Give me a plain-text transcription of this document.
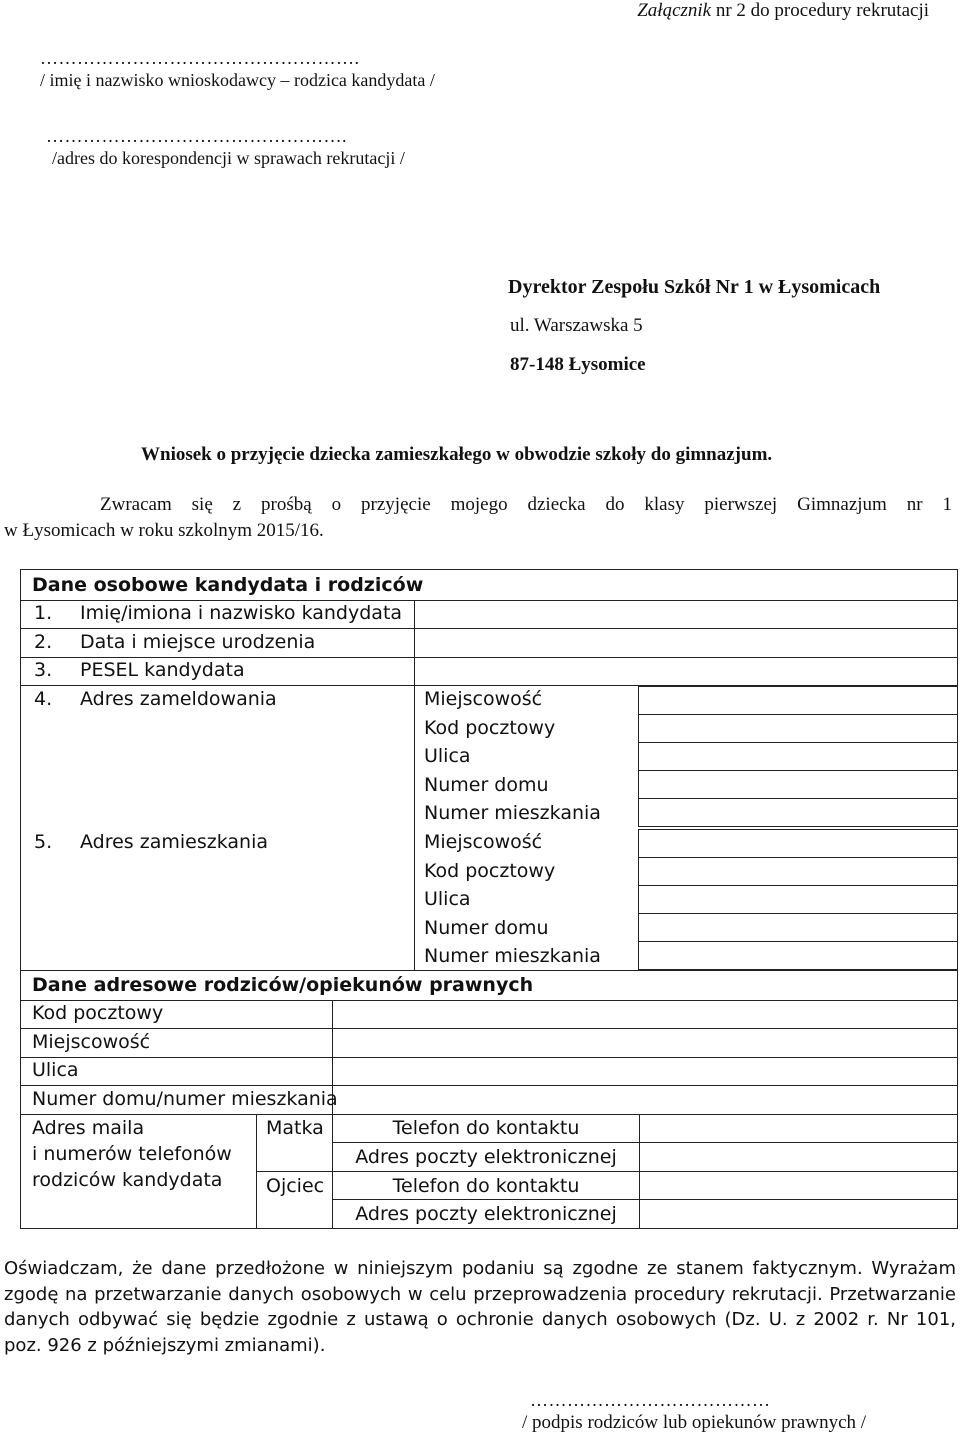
Załącznik nr 2 do procedury rekrutacji
…………………………………………….
/ imię i nazwisko wnioskodawcy – rodzica kandydata /
………………………………………….
/adres do korespondencji w sprawach rekrutacji /
Dyrektor Zespołu Szkół Nr 1 w Łysomicach
ul. Warszawska 5
87-148 Łysomice
Wniosek o przyjęcie dziecka zamieszkałego w obwodzie szkoły do gimnazjum.
Zwracam się z prośbą o przyjęcie mojego dziecka do klasy pierwszej Gimnazjum nr 1
w Łysomicach w roku szkolnym 2015/16.
Dane osobowe kandydata i rodziców
1. Imię/imiona i nazwisko kandydata
2. Data i miejsce urodzenia
3. PESEL kandydata
4. Adres zameldowania	Miejscowość
Kod pocztowy
Ulica
Numer domu
Numer mieszkania
5. Adres zamieszkania	Miejscowość
Kod pocztowy
Ulica
Numer domu
Numer mieszkania
Dane adresowe rodziców/opiekunów prawnych
Kod pocztowy
Miejscowość
Ulica
Numer domu/numer mieszkania
Adres maila
i numerów telefonów
rodziców kandydata
Matka
Ojciec
Telefon do kontaktu
Adres poczty elektronicznej
Telefon do kontaktu
Adres poczty elektronicznej
Oświadczam, że dane przedłożone w niniejszym podaniu są zgodne ze stanem faktycznym. Wyrażam
zgodę na przetwarzanie danych osobowych w celu przeprowadzenia procedury rekrutacji. Przetwarzanie
danych odbywać się będzie zgodnie z ustawą o ochronie danych osobowych (Dz. U. z 2002 r. Nr 101,
poz. 926 z późniejszymi zmianami).
…………………………………
/ podpis rodziców lub opiekunów prawnych /
